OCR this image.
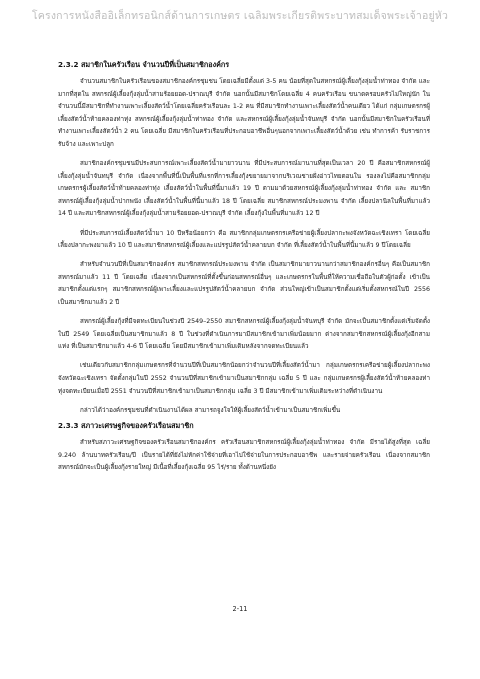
โครงการหนังสืออิเล็กทรอนิกส์ด้านการเกษตร เฉลิมพระเกียรติพระบาทสมเด็จพระเจ้าอยู่หัว
2.3.2 สมาชิกในครัวเรือน จำนวนปีที่เป็นสมาชิกองค์กร

จำนวนสมาชิกในครัวเรือนของสมาชิกองค์กรชุมชน โดยเฉลี่ยมีตั้งแต่ 3-5 คน น้อยที่สุดในสหกรณ์ผู้เลี้ยงกุ้งลุ่มน้ำท่าทอง จำกัด และมากที่สุดใน สหกรณ์ผู้เลี้ยงกุ้งลุ่มน้ำสามร้อยยอด-ปราณบุรี จำกัด นอกนั้นมีสมาชิกโดยเฉลี่ย 4 คนครัวเรือน ขนาดครอบครัวไม่ใหญ่นัก ในจำนวนนี้มีสมาชิกที่ทำงานเพาะเลี้ยงสัตว์น้ำโดยเฉลี่ยครัวเรือนละ 1-2 คน ที่มีสมาชิกทำงานเพาะเลี้ยงสัตว์น้ำคนเดียว ได้แก่ กลุ่มเกษตรกรผู้เลี้ยงสัตว์น้ำท้ายคลองท่าทุ่ง สหกรณ์ผู้เลี้ยงกุ้งลุ่มน้ำท่าทอง จำกัด และสหกรณ์ผู้เลี้ยงกุ้งลุ่มน้ำจันทบุรี จำกัด นอกนั้นมีสมาชิกในครัวเรือนที่ทำงานเพาะเลี้ยงสัตว์น้ำ 2 คน โดยเฉลี่ย มีสมาชิกในครัวเรือนที่ประกอบอาชีพอื่นๆนอกจากเพาะเลี้ยงสัตว์น้ำด้วย เช่น ทำการค้า รับราชการ รับจ้าง และเพาะปลูก

สมาชิกองค์กรชุมชนมีประสบการณ์เพาะเลี้ยงสัตว์น้ำมายาวนาน ที่มีประสบการณ์มานานที่สุดเป็นเวลา 20 ปี คือสมาชิกสหกรณ์ผู้เลี้ยงกุ้งลุ่มน้ำจันทบุรี จำกัด เนื่องจากพื้นที่นี้เป็นพื้นที่แรกที่การเลี้ยงกุ้งขยายมาจากบริเวณชายฝั่งอ่าวไทยตอนใน รองลงไปคือสมาชิกกลุ่มเกษตรกรผู้เลี้ยงสัตว์น้ำท้ายคลองท่าทุ่ง เลี้ยงสัตว์น้ำในพื้นที่นี้มาแล้ว 19 ปี ตามมาด้วยสหกรณ์ผู้เลี้ยงกุ้งลุ่มน้ำท่าทอง จำกัด และ สมาชิกสหกรณ์ผู้เลี้ยงกุ้งลุ่มน้ำปากพนัง เลี้ยงสัตว์น้ำในพื้นที่นี้มาแล้ว 18 ปี โดยเฉลี่ย สมาชิกสหกรณ์ประมงพาน จำกัด เลี้ยงปลานิลในพื้นที่มาแล้ว 14 ปี และสมาชิกสหกรณ์ผู้เลี้ยงกุ้งลุ่มน้ำสามร้อยยอด-ปราณบุรี จำกัด เลี้ยงกุ้งในพื้นที่มาแล้ว 12 ปี

ที่มีประสบการณ์เลี้ยงสัตว์น้ำมา 10 ปีหรือน้อยกว่า คือ สมาชิกกลุ่มเกษตรกรเครือข่ายผู้เลี้ยงปลากะพงจังหวัดฉะเชิงเทรา โดยเฉลี่ยเลี้ยงปลากะพงมาแล้ว 10 ปี และสมาชิกสหกรณ์ผู้เลี้ยงและแปรรูปสัตว์น้ำคลายบก จำกัด ที่เลี้ยงสัตว์น้ำในพื้นที่นี้มาแล้ว 9 ปีโดยเฉลี่ย

สำหรับจำนวนปีที่เป็นสมาชิกองค์กร สมาชิกสหกรณ์ประมงพาน จำกัด เป็นสมาชิกมายาวนานกว่าสมาชิกองค์กรอื่นๆ คือเป็นสมาชิกสหกรณ์มาแล้ว 11 ปี โดยเฉลี่ย เนื่องจากเป็นสหกรณ์ที่ตั้งขึ้นก่อนสหกรณ์อื่นๆ และเกษตรกรในพื้นที่ให้ความเชื่อถือในตัวผู้ก่อตั้ง เข้าเป็นสมาชิกตั้งแต่แรกๆ สมาชิกสหกรณ์ผู้เพาะเลี้ยงและแปรรูปสัตว์น้ำคลายบก จำกัด ส่วนใหญ่เข้าเป็นสมาชิกตั้งแต่เริ่มตั้งสหกรณ์ในปี 2556 เป็นสมาชิกมาแล้ว 2 ปี

สหกรณ์ผู้เลี้ยงกุ้งที่มีจดทะเบียนในช่วงปี 2549–2550 สมาชิกสหกรณ์ผู้เลี้ยงกุ้งลุ่มน้ำจันทบุรี จำกัด มักจะเป็นสมาชิกตั้งแต่เริ่มจัดตั้งในปี 2549 โดยเฉลี่ยเป็นสมาชิกมาแล้ว 8 ปี ในช่วงที่ดำเนินการมามีสมาชิกเข้ามาเพิ่มน้อยมาก ต่างจากสมาชิกสหกรณ์ผู้เลี้ยงกุ้งอีกสามแห่ง ที่เป็นสมาชิกมาแล้ว 4-6 ปี โดยเฉลี่ย โดยมีสมาชิกเข้ามาเพิ่มเติมหลังจากจดทะเบียนแล้ว

เช่นเดียวกับสมาชิกกลุ่มเกษตรกรที่จำนวนปีที่เป็นสมาชิกน้อยกว่าจำนวนปีที่เลี้ยงสัตว์น้ำมา กลุ่มเกษตรกรเครือข่ายผู้เลี้ยงปลากะพง จังหวัดฉะเชิงเทรา จัดตั้งกลุ่มในปี 2552 จำนวนปีที่สมาชิกเข้ามาเป็นสมาชิกกลุ่ม เฉลี่ย 5 ปี และ กลุ่มเกษตรกรผู้เลี้ยงสัตว์น้ำท้ายคลองท่าทุ่งจดทะเบียนเมื่อปี 2551 จำนวนปีที่สมาชิกเข้ามาเป็นสมาชิกกลุ่ม เฉลี่ย 3 ปี มีสมาชิกเข้ามาเพิ่มเติมระหว่างที่ดำเนินงาน

กล่าวได้ว่าองค์กรชุมชนที่ดำเนินงานได้ผล สามารถจูงใจให้ผู้เลี้ยงสัตว์น้ำเข้ามาเป็นสมาชิกเพิ่มขึ้น

2.3.3 สภาวะเศรษฐกิจของครัวเรือนสมาชิก

สำหรับสภาวะเศรษฐกิจของครัวเรือนสมาชิกองค์กร ครัวเรือนสมาชิกสหกรณ์ผู้เลี้ยงกุ้งลุ่มน้ำท่าทอง จำกัด มีรายได้สูงที่สุด เฉลี่ย 9.240 ล้านบาทครัวเรือน/ปี เป็นรายได้ที่ยังไม่หักค่าใช้จ่ายที่เอาไปใช้จ่ายในการประกอบอาชีพ และรายจ่ายครัวเรือน เนื่องจากสมาชิกสหกรณ์มักจะเป็นผู้เลี้ยงกุ้งรายใหญ่ มีเนื้อที่เลี้ยงกุ้งเฉลี่ย 95 ไร่/ราย ทั้งด้านหนึ่งยัง

2-11
